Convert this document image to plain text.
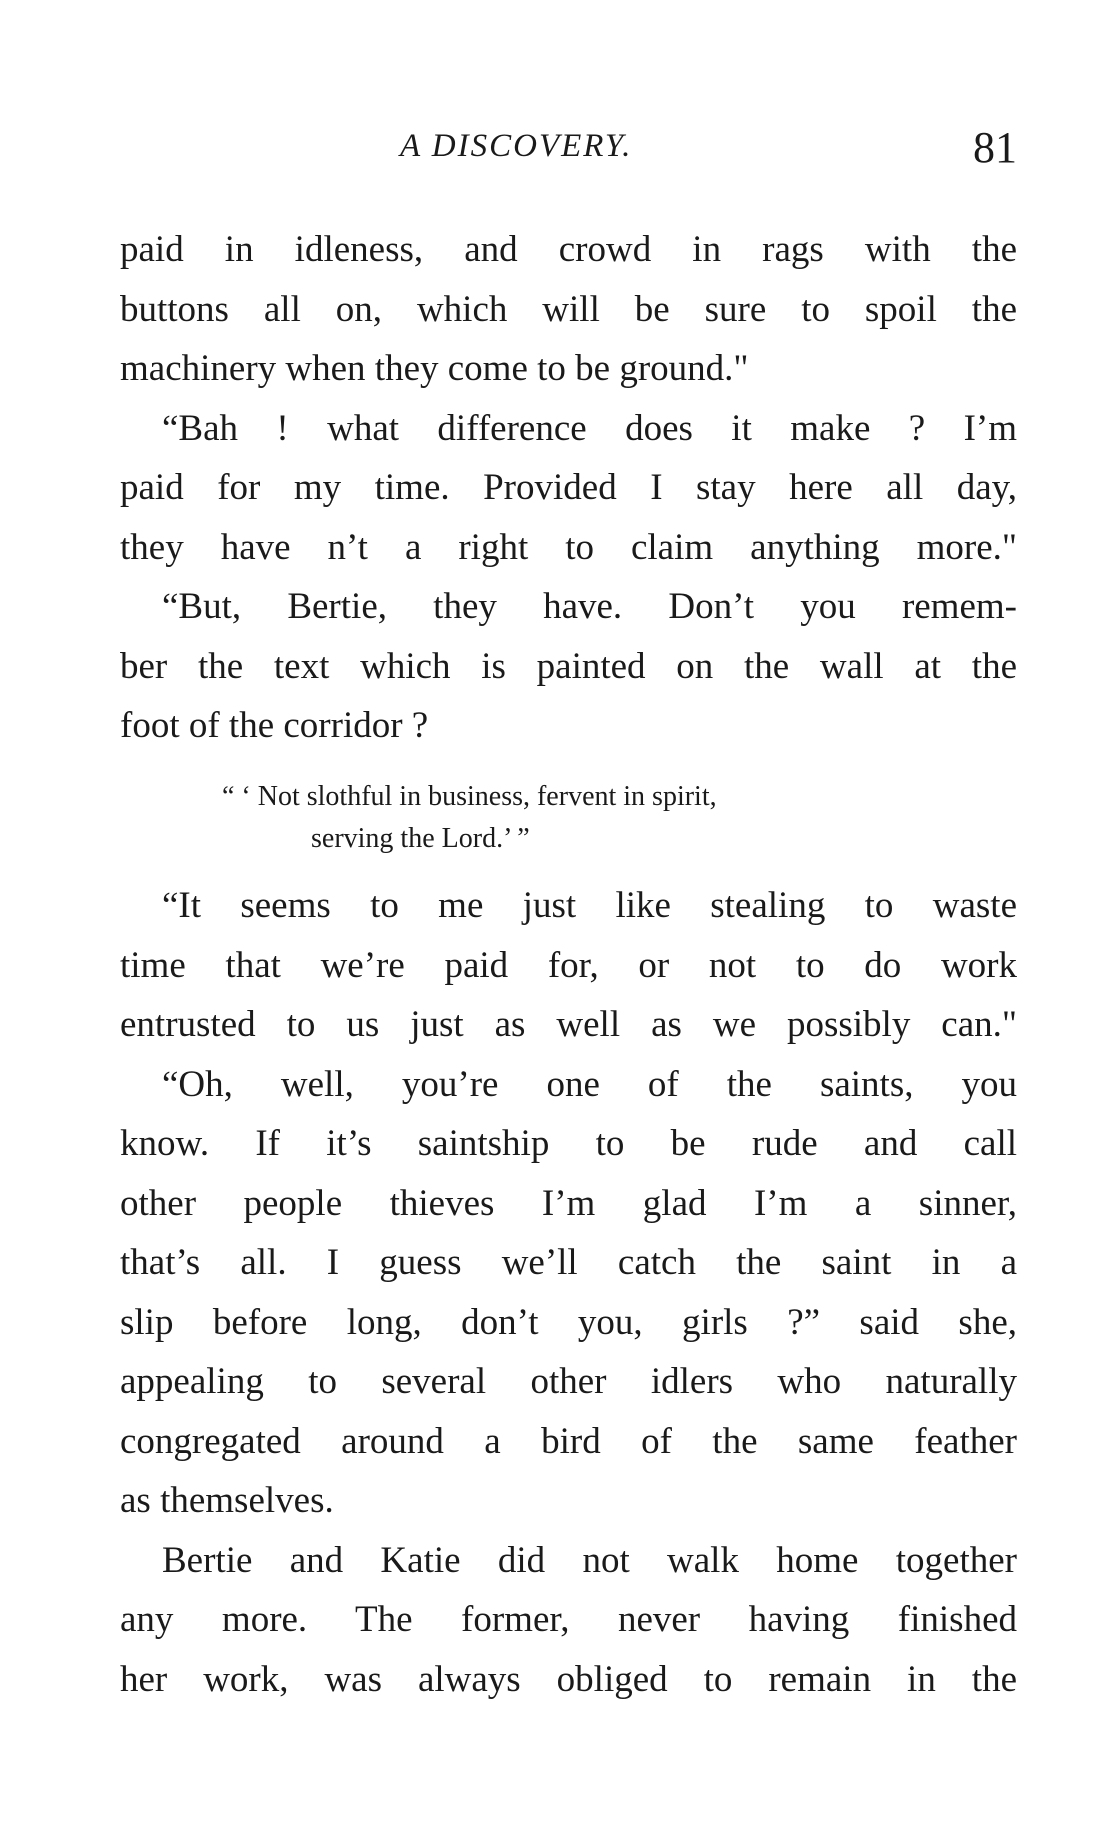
A DISCOVERY.	81
paid in idleness, and crowd in rags with the
buttons all on, which will be sure to spoil the
machinery when they come to be ground."
“Bah ! what difference does it make ? I’m
paid for my time. Provided I stay here all day,
they have n’t a right to claim anything more."
“But, Bertie, they have. Don’t you remem-
ber the text which is painted on the wall at the
foot of the corridor ?
“ ‘ Not slothful in business, fervent in spirit,
serving the Lord.’ ”
“It seems to me just like stealing to waste
time that we’re paid for, or not to do work
entrusted to us just as well as we possibly can."
“Oh, well, you’re one of the saints, you
know. If it’s saintship to be rude and call
other people thieves I’m glad I’m a sinner,
that’s all. I guess we’ll catch the saint in a
slip before long, don’t you, girls ?” said she,
appealing to several other idlers who naturally
congregated around a bird of the same feather
as themselves.
Bertie and Katie did not walk home together
any more. The former, never having finished
her work, was always obliged to remain in the
